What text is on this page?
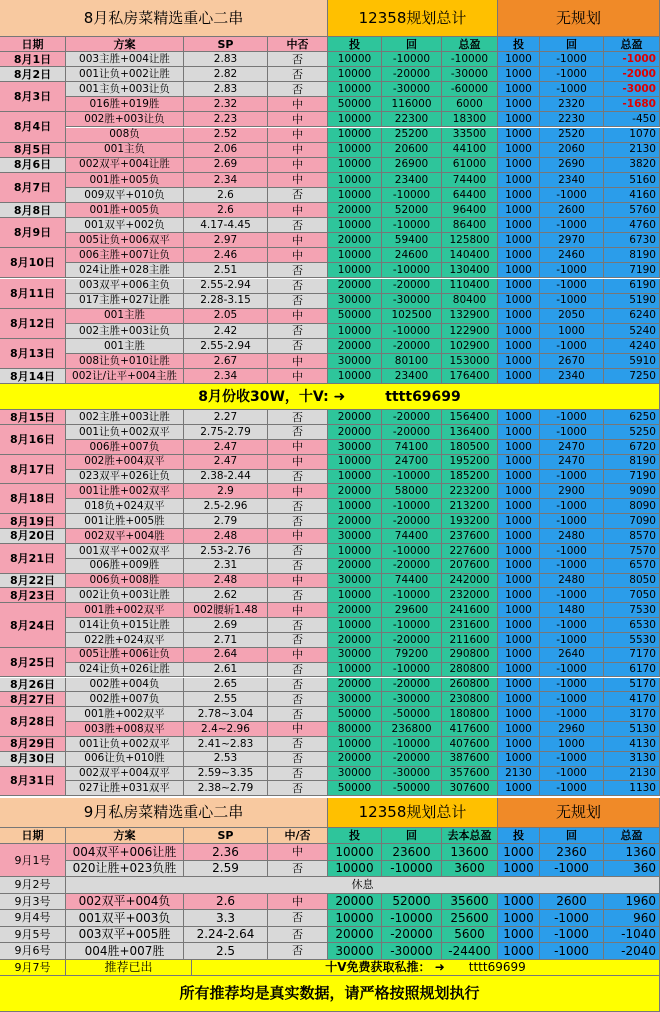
8月私房菜精选重心二串	12358规划总计	无规划
日期	方案	SP	中否	投	回	总盈	投	回	总盈
8月1日	003主胜+004让胜	2.83	否	10000	-10000	-10000	1000	-1000	-1000
8月2日	001让负+002让胜	2.82	否	10000	-20000	-30000	1000	-1000	-2000
8月3日
001主负+003让负	2.83	否	10000	-30000	-60000	1000	-1000	-3000
016胜+019胜	2.32	中	50000	116000	6000	1000	2320	-1680
8月4日
002胜+003让负	2.23	中	10000	22300	18300	1000	2230	-450
008负	2.52	中	10000	25200	33500	1000	2520	1070
8月5日	001主负	2.06	中	10000	20600	44100	1000	2060	2130
8月6日	002双平+004让胜	2.69	中	10000	26900	61000	1000	2690	3820
8月7日
001胜+005负	2.34	中	10000	23400	74400	1000	2340	5160
009双平+010负	2.6	否	10000	-10000	64400	1000	-1000	4160
8月8日	001胜+005负	2.6	中	20000	52000	96400	1000	2600	5760
8月9日
001双平+002负	4.17-4.45	否	10000	-10000	86400	1000	-1000	4760
005让负+006双平	2.97	中	20000	59400	125800	1000	2970	6730
8月10日
006主胜+007让负	2.46	中	10000	24600	140400	1000	2460	8190
024让胜+028主胜	2.51	否	10000	-10000	130400	1000	-1000	7190
8月11日
003双平+006主负	2.55-2.94	否	20000	-20000	110400	1000	-1000	6190
017主胜+027让胜	2.28-3.15	否	30000	-30000	80400	1000	-1000	5190
8月12日
001主胜	2.05	中	50000	102500	132900	1000	2050	6240
002主胜+003让负	2.42	否	10000	-10000	122900	1000	1000	5240
8月13日
001主胜	2.55-2.94	否	20000	-20000	102900	1000	-1000	4240
008让负+010让胜	2.67	中	30000	80100	153000	1000	2670	5910
8月14日	002让/让平+004主胜	2.34	中	10000	23400	176400	1000	2340	7250
8月份收30W，十V: ➜	tttt69699
8月15日	002主胜+003让胜	2.27	否	20000	-20000	156400	1000	-1000	6250
8月16日
001让负+002双平	2.75-2.79	否	20000	-20000	136400	1000	-1000	5250
006胜+007负	2.47	中	30000	74100	180500	1000	2470	6720
8月17日
002胜+004双平	2.47	中	10000	24700	195200	1000	2470	8190
023双平+026让负	2.38-2.44	否	10000	-10000	185200	1000	-1000	7190
8月18日
001让胜+002双平	2.9	中	20000	58000	223200	1000	2900	9090
018负+024双平	2.5-2.96	否	10000	-10000	213200	1000	-1000	8090
8月19日	001让胜+005胜	2.79	否	20000	-20000	193200	1000	-1000	7090
8月20日	002双平+004胜	2.48	中	30000	74400	237600	1000	2480	8570
8月21日
001双平+002双平	2.53-2.76	否	10000	-10000	227600	1000	-1000	7570
006胜+009胜	2.31	否	20000	-20000	207600	1000	-1000	6570
8月22日	006负+008胜	2.48	中	30000	74400	242000	1000	2480	8050
8月23日	002让负+003让胜	2.62	否	10000	-10000	232000	1000	-1000	7050
8月24日
001胜+002双平	002腰斩1.48	中	20000	29600	241600	1000	1480	7530
014让负+015让胜	2.69	否	10000	-10000	231600	1000	-1000	6530
022胜+024双平	2.71	否	20000	-20000	211600	1000	-1000	5530
8月25日
005让胜+006让负	2.64	中	30000	79200	290800	1000	2640	7170
024让负+026让胜	2.61	否	10000	-10000	280800	1000	-1000	6170
8月26日	002胜+004负	2.65	否	20000	-20000	260800	1000	-1000	5170
8月27日	002胜+007负	2.55	否	30000	-30000	230800	1000	-1000	4170
8月28日
001胜+002双平	2.78~3.04	否	50000	-50000	180800	1000	-1000	3170
003胜+008双平	2.4~2.96	中	80000	236800	417600	1000	2960	5130
8月29日	001让负+002双平	2.41~2.83	否	10000	-10000	407600	1000	1000	4130
8月30日	006让负+010胜	2.53	否	20000	-20000	387600	1000	-1000	3130
8月31日
002双平+004双平	2.59~3.35	否	30000	-30000	357600	2130	-1000	2130
027让胜+031双平	2.38~2.79	否	50000	-50000	307600	1000	-1000	1130
9月私房菜精选重心二串	12358规划总计	无规划
日期	方案	SP	中/否	投	回	去本总盈	投	回	总盈
9月1号
004双平+006让胜	2.36	中	10000	23600	13600	1000	2360	1360
020让胜+023负胜	2.59	否	10000	-10000	3600	1000	-1000	360
9月2号	休息
9月3号	002双平+004负	2.6	中	20000	52000	35600	1000	2600	1960
9月4号	001双平+003负	3.3	否	10000	-10000	25600	1000	-1000	960
9月5号	003双平+005胜	2.24-2.64	否	20000	-20000	5600	1000	-1000	-1040
9月6号	004胜+007胜	2.5	否	30000	-30000	-24400	1000	-1000	-2040
9月7号	推荐已出	十V免费获取私推： ➜ tttt69699
所有推荐均是真实数据，请严格按照规划执行
